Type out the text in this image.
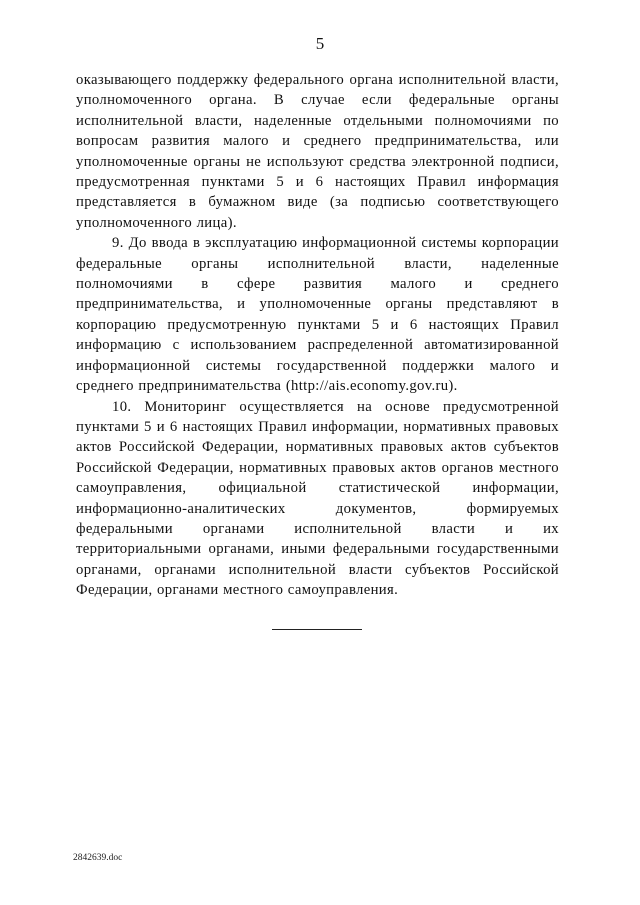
5

оказывающего поддержку федерального органа исполнительной власти, уполномоченного органа. В случае если федеральные органы исполнительной власти, наделенные отдельными полномочиями по вопросам развития малого и среднего предпринимательства, или уполномоченные органы не используют средства электронной подписи, предусмотренная пунктами 5 и 6 настоящих Правил информация представляется в бумажном виде (за подписью соответствующего уполномоченного лица).

9. До ввода в эксплуатацию информационной системы корпорации федеральные органы исполнительной власти, наделенные полномочиями в сфере развития малого и среднего предпринимательства, и уполномоченные органы представляют в корпорацию предусмотренную пунктами 5 и 6 настоящих Правил информацию с использованием распределенной автоматизированной информационной системы государственной поддержки малого и среднего предпринимательства (http://ais.economy.gov.ru).

10. Мониторинг осуществляется на основе предусмотренной пунктами 5 и 6 настоящих Правил информации, нормативных правовых актов Российской Федерации, нормативных правовых актов субъектов Российской Федерации, нормативных правовых актов органов местного самоуправления, официальной статистической информации, информационно-аналитических документов, формируемых федеральными органами исполнительной власти и их территориальными органами, иными федеральными государственными органами, органами исполнительной власти субъектов Российской Федерации, органами местного самоуправления.

2842639.doc
